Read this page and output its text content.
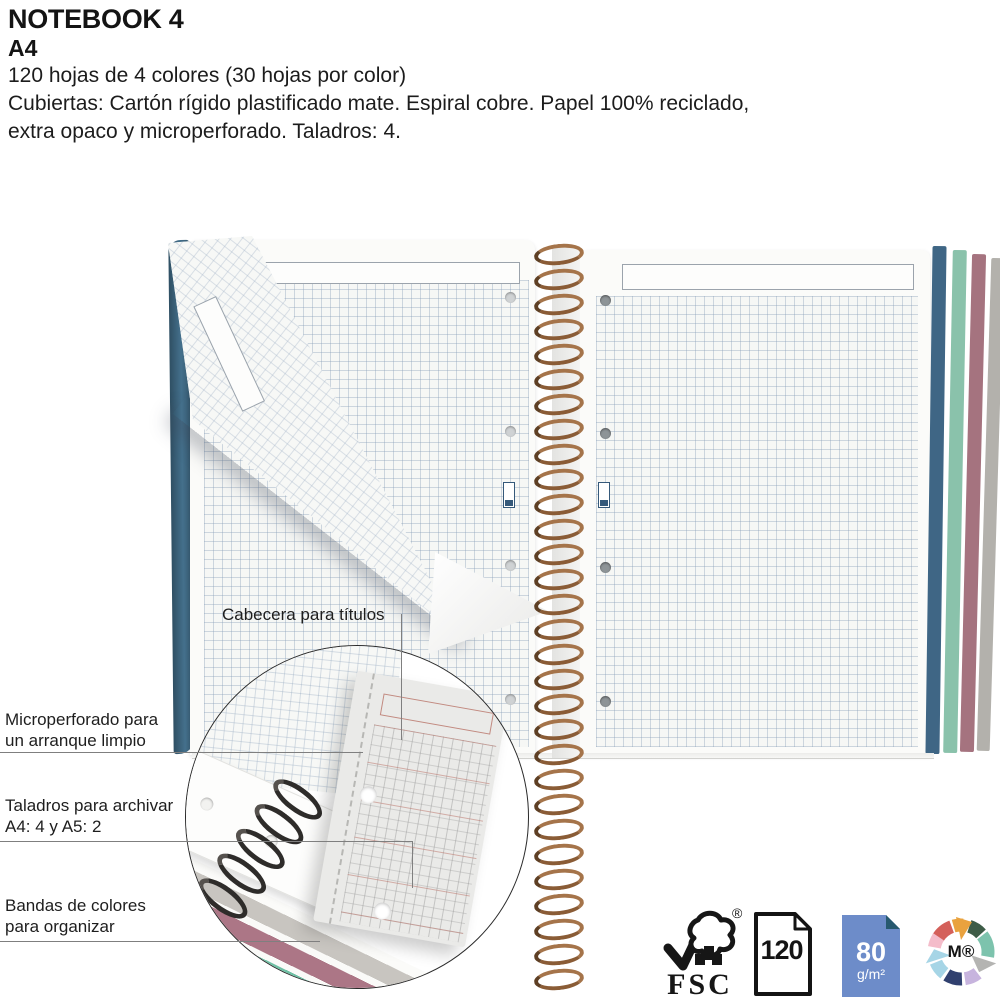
NOTEBOOK 4
A4
120 hojas de 4 colores (30 hojas por color)
Cubiertas: Cartón rígido plastificado mate. Espiral cobre. Papel 100% reciclado,
extra opaco y microperforado. Taladros: 4.
Cabecera para títulos
Microperforado para
un arranque limpio
Taladros para archivar
A4: 4 y A5: 2
Bandas de colores
para organizar
®
FSC
120	80
g/m²
M®
